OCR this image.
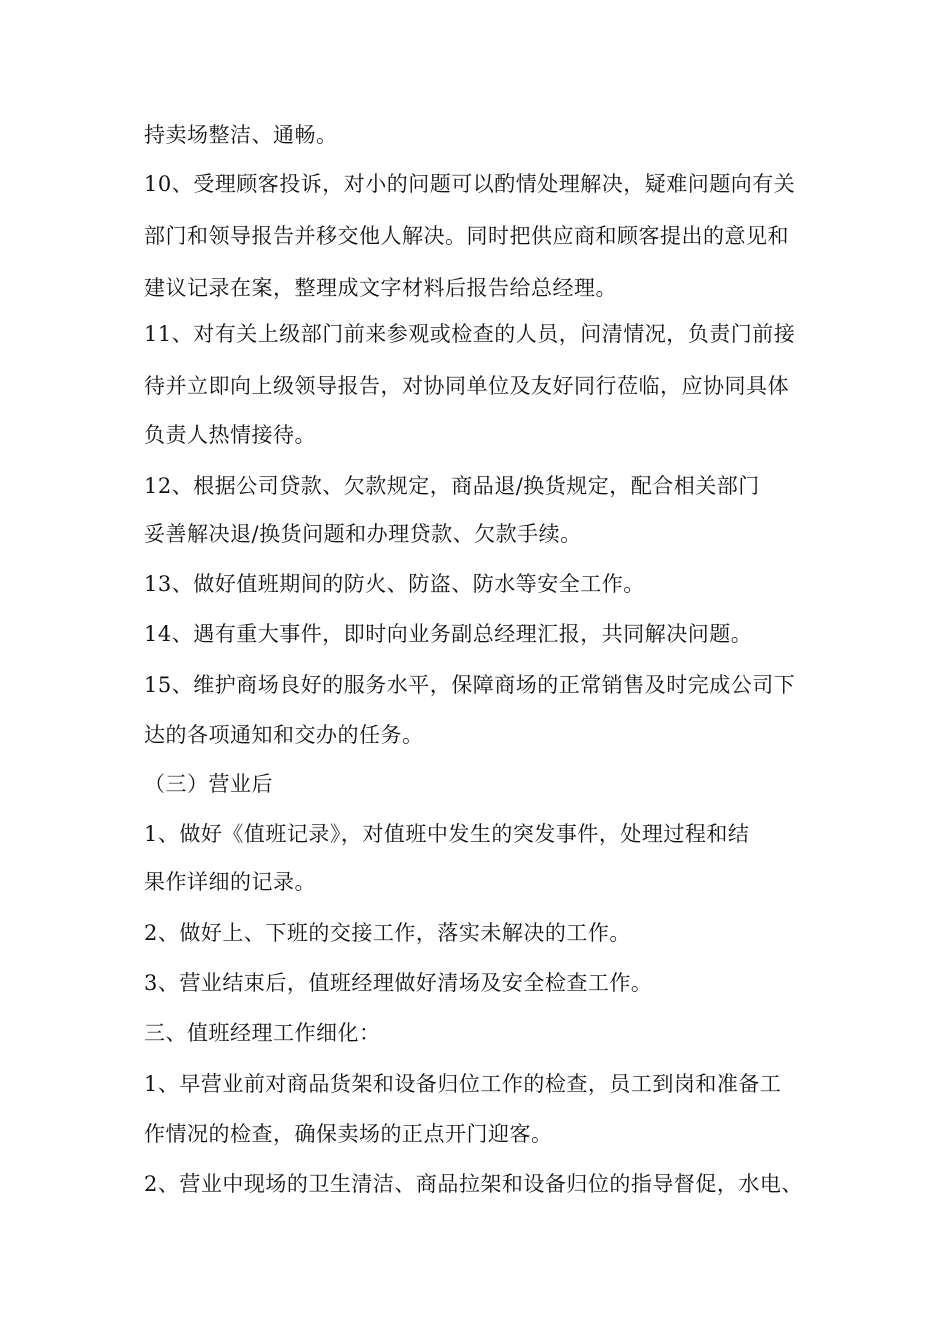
持卖场整洁、通畅。
10、受理顾客投诉，对小的问题可以酌情处理解决，疑难问题向有关
部门和领导报告并移交他人解决。同时把供应商和顾客提出的意见和
建议记录在案，整理成文字材料后报告给总经理。
11、对有关上级部门前来参观或检查的人员，问清情况，负责门前接
待并立即向上级领导报告，对协同单位及友好同行莅临，应协同具体
负责人热情接待。
12、根据公司贷款、欠款规定，商品退/换货规定，配合相关部门
妥善解决退/换货问题和办理贷款、欠款手续。
13、做好值班期间的防火、防盗、防水等安全工作。
14、遇有重大事件，即时向业务副总经理汇报，共同解决问题。
15、维护商场良好的服务水平，保障商场的正常销售及时完成公司下
达的各项通知和交办的任务。
（三）营业后
1、做好《值班记录》，对值班中发生的突发事件，处理过程和结
果作详细的记录。
2、做好上、下班的交接工作，落实未解决的工作。
3、营业结束后，值班经理做好清场及安全检查工作。
三、值班经理工作细化：
1、早营业前对商品货架和设备归位工作的检查，员工到岗和准备工
作情况的检查，确保卖场的正点开门迎客。
2、营业中现场的卫生清洁、商品拉架和设备归位的指导督促，水电、
